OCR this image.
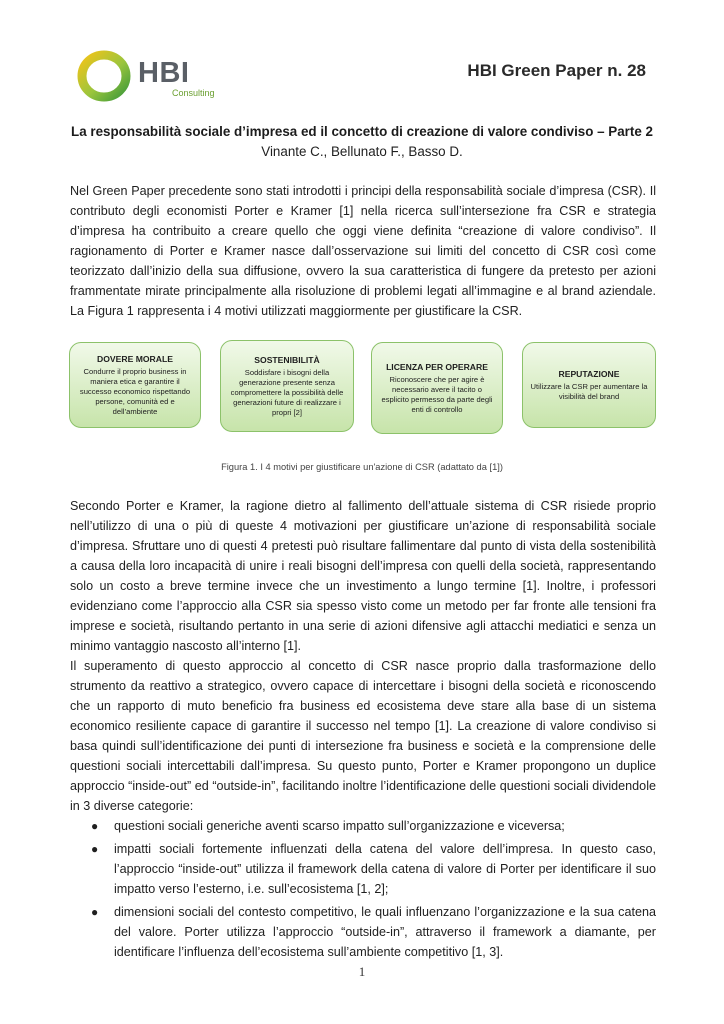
HBI
Consulting
HBI Green Paper n. 28
La responsabilità sociale d’impresa ed il concetto di creazione di valore condiviso – Parte 2
Vinante C., Bellunato F., Basso D.

Nel Green Paper precedente sono stati introdotti i principi della responsabilità sociale d’impresa (CSR). Il contributo degli economisti Porter e Kramer [1] nella ricerca sull’intersezione fra CSR e strategia d’impresa ha contribuito a creare quello che oggi viene definita “creazione di valore condiviso”. Il ragionamento di Porter e Kramer nasce dall’osservazione sui limiti del concetto di CSR così come teorizzato dall’inizio della sua diffusione, ovvero la sua caratteristica di fungere da pretesto per azioni frammentate mirate principalmente alla risoluzione di problemi legati all’immagine e al brand aziendale. La Figura 1 rappresenta i 4 motivi utilizzati maggiormente per giustificare la CSR.

DOVERE MORALE
Condurre il proprio business in maniera etica e garantire il successo economico rispettando persone, comunità ed e dell’ambiente
SOSTENIBILITÀ
Soddisfare i bisogni della generazione presente senza compromettere la possibilità delle generazioni future di realizzare i propri [2]
LICENZA PER OPERARE
Riconoscere che per agire è necessario avere il tacito o esplicito permesso da parte degli enti di controllo
REPUTAZIONE
Utilizzare la CSR per aumentare la visibilità del brand
Figura 1. I 4 motivi per giustificare un'azione di CSR (adattato da [1])

Secondo Porter e Kramer, la ragione dietro al fallimento dell’attuale sistema di CSR risiede proprio nell’utilizzo di una o più di queste 4 motivazioni per giustificare un’azione di responsabilità sociale d’impresa. Sfruttare uno di questi 4 pretesti può risultare fallimentare dal punto di vista della sostenibilità a causa della loro incapacità di unire i reali bisogni dell’impresa con quelli della società, rappresentando solo un costo a breve termine invece che un investimento a lungo termine [1]. Inoltre, i professori evidenziano come l’approccio alla CSR sia spesso visto come un metodo per far fronte alle tensioni fra imprese e società, risultando pertanto in una serie di azioni difensive agli attacchi mediatici e senza un minimo vantaggio nascosto all’interno [1].

Il superamento di questo approccio al concetto di CSR nasce proprio dalla trasformazione dello strumento da reattivo a strategico, ovvero capace di intercettare i bisogni della società e riconoscendo che un rapporto di muto beneficio fra business ed ecosistema deve stare alla base di un sistema economico resiliente capace di garantire il successo nel tempo [1]. La creazione di valore condiviso si basa quindi sull’identificazione dei punti di intersezione fra business e società e la comprensione delle questioni sociali intercettabili dall’impresa. Su questo punto, Porter e Kramer propongono un duplice approccio “inside-out” ed “outside-in”, facilitando inoltre l’identificazione delle questioni sociali dividendole in 3 diverse categorie:

● questioni sociali generiche aventi scarso impatto sull’organizzazione e viceversa;
● impatti sociali fortemente influenzati della catena del valore dell’impresa. In questo caso, l’approccio “inside-out” utilizza il framework della catena di valore di Porter per identificare il suo impatto verso l’esterno, i.e. sull’ecosistema [1, 2];
● dimensioni sociali del contesto competitivo, le quali influenzano l’organizzazione e la sua catena del valore. Porter utilizza l’approccio “outside-in”, attraverso il framework a diamante, per identificare l’influenza dell’ecosistema sull’ambiente competitivo [1, 3].
1
